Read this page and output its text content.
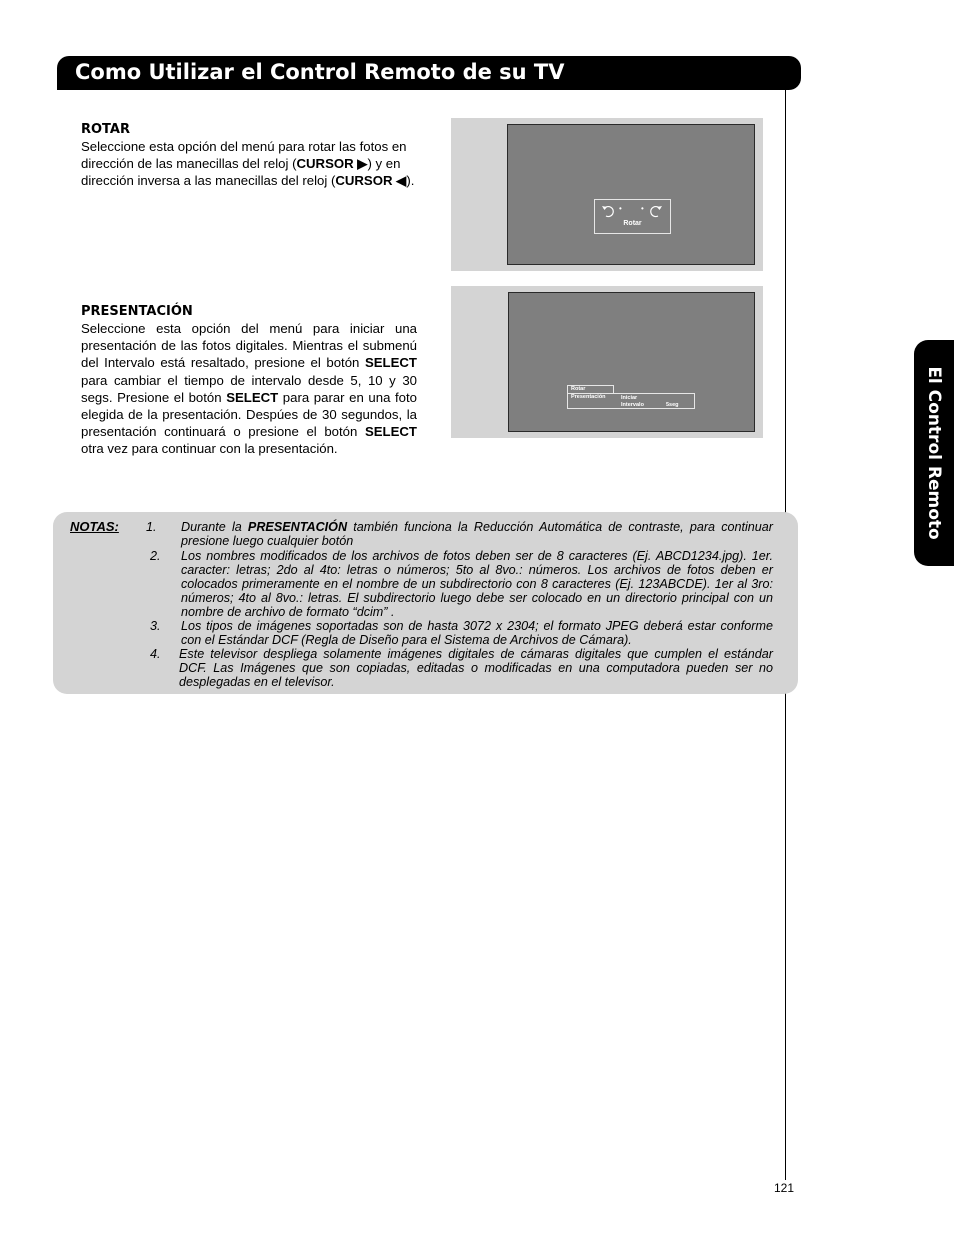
Como Utilizar el Control Remoto de su TV
El Control Remoto
ROTAR

Seleccione esta opción del menú para rotar las fotos en dirección de las manecillas del reloj (CURSOR ▶) y en dirección inversa a las manecillas del reloj (CURSOR ◀).

• •
Rotar
PRESENTACIÓN

Seleccione esta opción del menú para iniciar una presentación de las fotos digitales. Mientras el submenú del Intervalo está resaltado, presione el botón SELECT para cambiar el tiempo de intervalo desde 5, 10 y 30 segs. Presione el botón SELECT para parar en una foto elegida de la presentación. Despúes de 30 segundos, la presentación continuará o presione el botón SELECT otra vez para continuar con la presentación.

Rotar
Presentación	Iniciar
Intervalo	5seg
NOTAS: 1. Durante la PRESENTACIÓN también funciona la Reducción Automática de contraste, para continuar presione luego cualquier botón
2. Los nombres modificados de los archivos de fotos deben ser de 8 caracteres (Ej. ABCD1234.jpg). 1er. caracter: letras; 2do al 4to: letras o números; 5to al 8vo.: números. Los archivos de fotos deben er colocados primeramente en el nombre de un subdirectorio con 8 caracteres (Ej. 123ABCDE). 1er al 3ro: números; 4to al 8vo.: letras. El subdirectorio luego debe ser colocado en un directorio principal con un nombre de archivo de formato “dcim” .
3. Los tipos de imágenes soportadas son de hasta 3072 x 2304; el formato JPEG deberá estar conforme con el Estándar DCF (Regla de Diseño para el Sistema de Archivos de Cámara).
4. Este televisor despliega solamente imágenes digitales de cámaras digitales que cumplen el estándar DCF. Las Imágenes que son copiadas, editadas o modificadas en una computadora pueden ser no desplegadas en el televisor.
121
